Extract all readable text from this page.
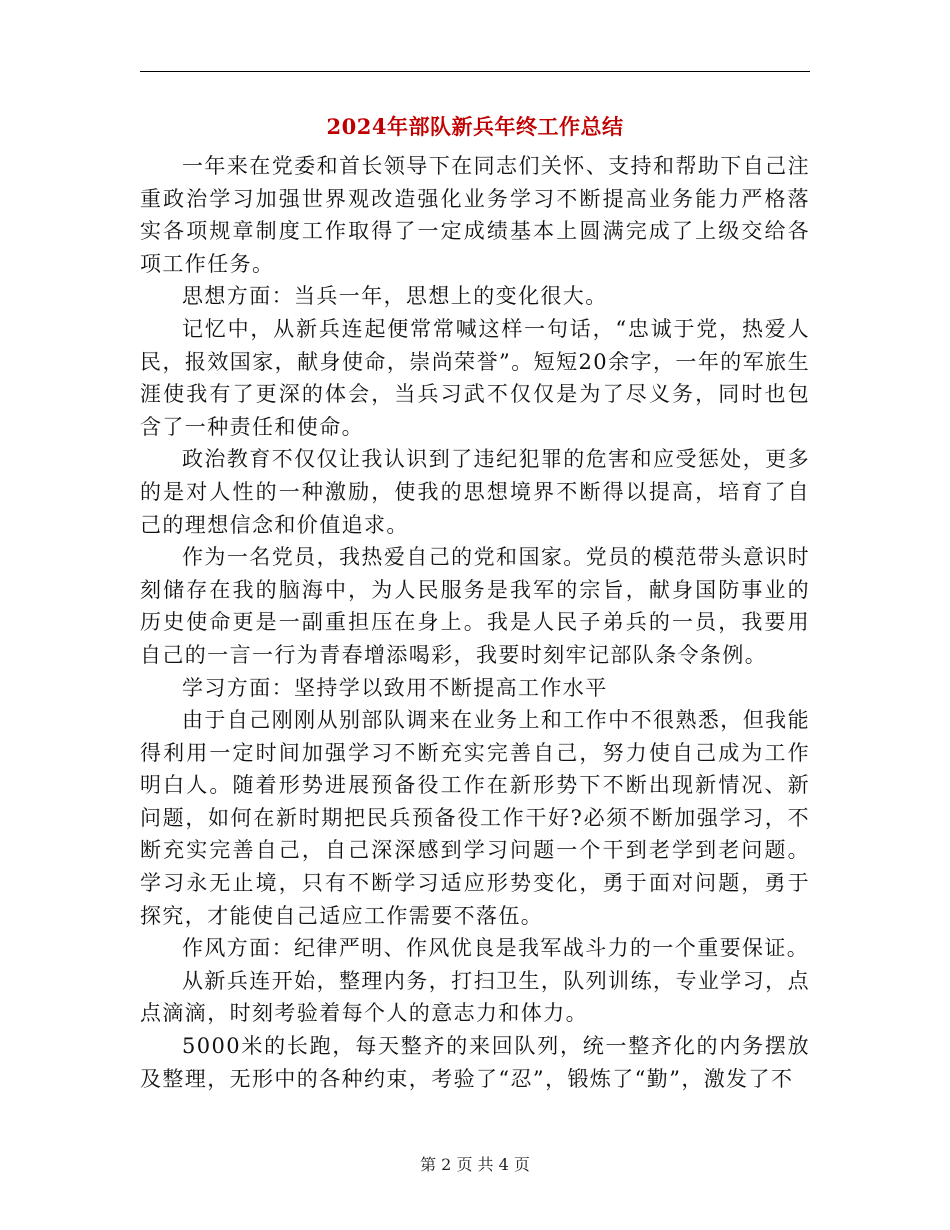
2024年部队新兵年终工作总结

一年来在党委和首长领导下在同志们关怀、支持和帮助下自己注重政治学习加强世界观改造强化业务学习不断提高业务能力严格落实各项规章制度工作取得了一定成绩基本上圆满完成了上级交给各项工作任务。

思想方面：当兵一年，思想上的变化很大。

记忆中，从新兵连起便常常喊这样一句话，“忠诚于党，热爱人民，报效国家，献身使命，崇尚荣誉”。短短20余字，一年的军旅生涯使我有了更深的体会，当兵习武不仅仅是为了尽义务，同时也包含了一种责任和使命。

政治教育不仅仅让我认识到了违纪犯罪的危害和应受惩处，更多的是对人性的一种激励，使我的思想境界不断得以提高，培育了自己的理想信念和价值追求。

作为一名党员，我热爱自己的党和国家。党员的模范带头意识时刻储存在我的脑海中，为人民服务是我军的宗旨，献身国防事业的历史使命更是一副重担压在身上。我是人民子弟兵的一员，我要用自己的一言一行为青春增添喝彩，我要时刻牢记部队条令条例。

学习方面：坚持学以致用不断提高工作水平

由于自己刚刚从别部队调来在业务上和工作中不很熟悉，但我能得利用一定时间加强学习不断充实完善自己，努力使自己成为工作明白人。随着形势进展预备役工作在新形势下不断出现新情况、新问题，如何在新时期把民兵预备役工作干好?必须不断加强学习，不断充实完善自己，自己深深感到学习问题一个干到老学到老问题。学习永无止境，只有不断学习适应形势变化，勇于面对问题，勇于探究，才能使自己适应工作需要不落伍。

作风方面：纪律严明、作风优良是我军战斗力的一个重要保证。

从新兵连开始，整理内务，打扫卫生，队列训练，专业学习，点点滴滴，时刻考验着每个人的意志力和体力。

5000米的长跑，每天整齐的来回队列，统一整齐化的内务摆放及整理，无形中的各种约束，考验了“忍”，锻炼了“勤”，激发了不

第 2 页 共 4 页
